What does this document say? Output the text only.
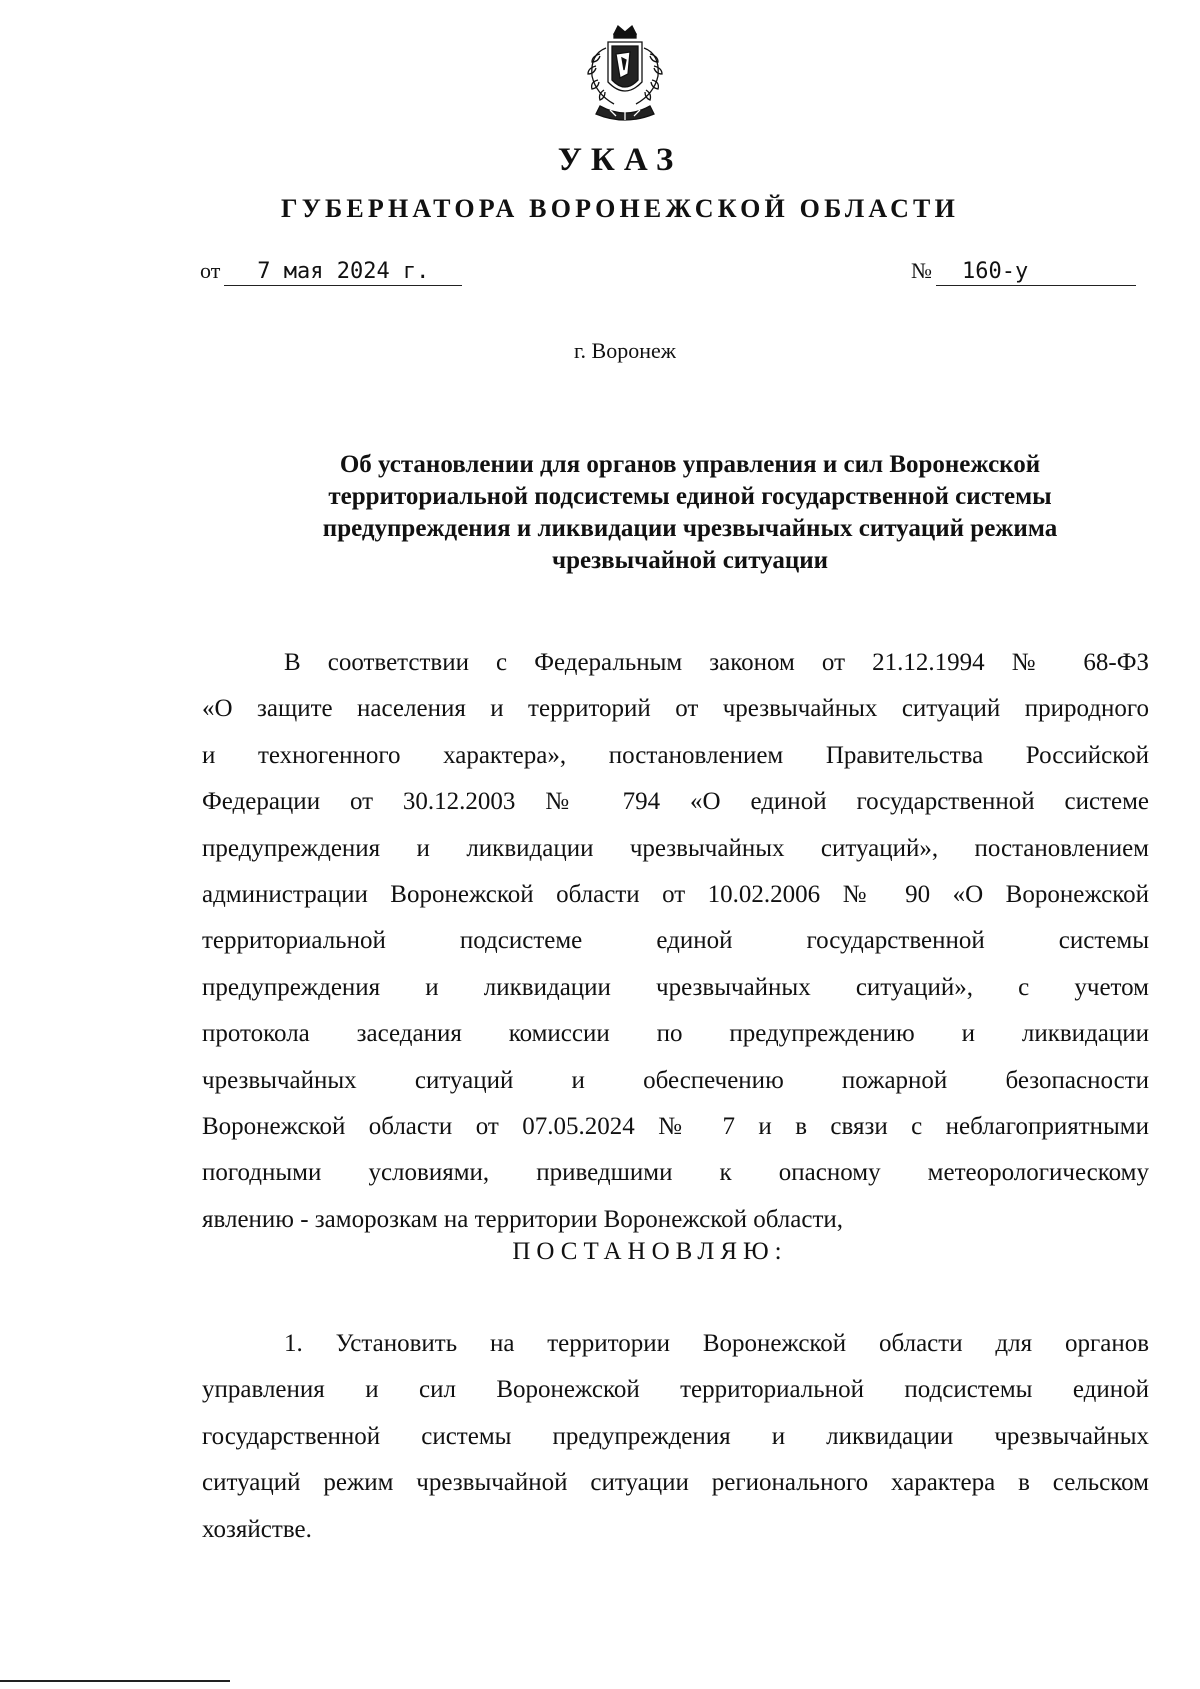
УКАЗ
ГУБЕРНАТОРА ВОРОНЕЖСКОЙ ОБЛАСТИ
от 7 мая 2024 г.	№ 160-у
г. Воронеж
Об установлении для органов управления и сил Воронежской
территориальной подсистемы единой государственной системы
предупреждения и ликвидации чрезвычайных ситуаций режима
чрезвычайной ситуации
В соответствии с Федеральным законом от 21.12.1994 № 68-ФЗ
«О защите населения и территорий от чрезвычайных ситуаций природного
и техногенного характера», постановлением Правительства Российской
Федерации от 30.12.2003 № 794 «О единой государственной системе
предупреждения и ликвидации чрезвычайных ситуаций», постановлением
администрации Воронежской области от 10.02.2006 № 90 «О Воронежской
территориальной подсистеме единой государственной системы
предупреждения и ликвидации чрезвычайных ситуаций», с учетом
протокола заседания комиссии по предупреждению и ликвидации
чрезвычайных ситуаций и обеспечению пожарной безопасности
Воронежской области от 07.05.2024 № 7 и в связи с неблагоприятными
погодными условиями, приведшими к опасному метеорологическому
явлению - заморозкам на территории Воронежской области,
ПОСТАНОВЛЯЮ:
1. Установить на территории Воронежской области для органов
управления и сил Воронежской территориальной подсистемы единой
государственной системы предупреждения и ликвидации чрезвычайных
ситуаций режим чрезвычайной ситуации регионального характера в сельском
хозяйстве.
